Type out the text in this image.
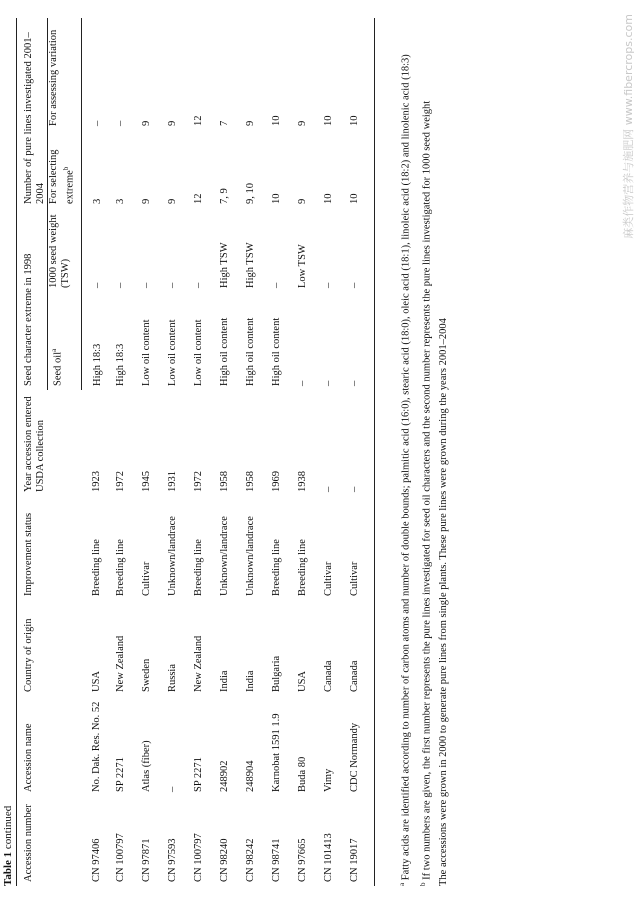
Table 1 continued Accession number	Accession name	Country of origin	Improvement status	Year accession entered USDA collection	Seed character extreme in 1998		Number of pure lines investigated 2001–2004	
					Seed oil$^a$	1000 seed weight (TSW)	For selecting extreme$^b$	For assessing variation
CN 97406	No. Dak. Res. No. 52	USA	Breeding line	1923	High 18:3	–	3	–
CN 100797	SP 2271	New Zealand	Breeding line	1972	High 18:3	–	3	–
CN 97871	Atlas (fiber)	Sweden	Cultivar	1945	Low oil content	–	9	9
CN 97593	–	Russia	Unknown/landrace	1931	Low oil content	–	9	9
CN 100797	SP 2271	New Zealand	Breeding line	1972	Low oil content	–	12	12
CN 98240	248902	India	Unknown/landrace	1958	High oil content	High TSW	7, 9	7
CN 98242	248904	India	Unknown/landrace	1958	High oil content	High TSW	9, 10	9
CN 98741	Karnobat 1591 1.9	Bulgaria	Breeding line	1969	High oil content	–	10	10
CN 97665	Buda 80	USA	Breeding line	1938	–	Low TSW	9	9
CN 101413	Vimy	Canada	Cultivar	–	–	–	10	10
CN 19017	CDC Normandy	Canada	Cultivar	–	–	–	10	10

$^a$ Fatty acids are identified according to number of carbon atoms and number of double bounds; palmitic acid (16:0), stearic acid (18:0), oleic acid (18:1), linoleic acid (18:2) and linolenic acid (18:3)

$^b$ If two numbers are given, the first number represents the pure lines investigated for seed oil characters and the second number represents the pure lines investigated for 1000 seed weight The accessions were grown in 2000 to generate pure lines from single plants. These pure lines were grown during the years 2001–2004

麻类作物营养与施肥网 www.fibercrops.com
